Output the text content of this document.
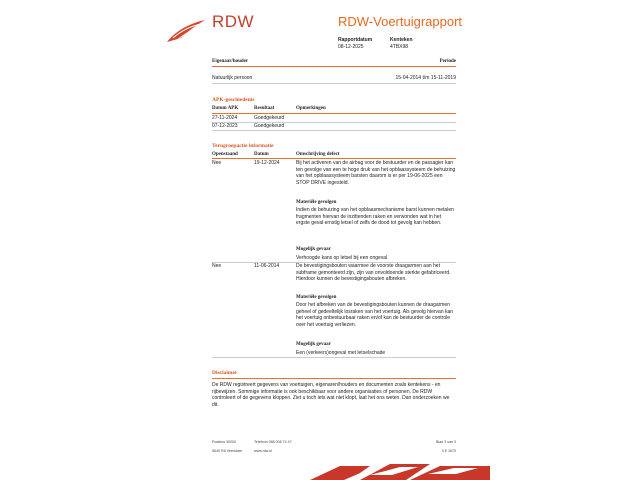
RDW	RDW-Voertuigrapport
Rapportdatum
08-12-2025
Kenteken
4TBX98
Eigenaar/houder	Periode
Natuurlijk persoon	15-04-2014 t/m 15-11-2019
APK-geschiedenis
Datum APK	Resultaat	Opmerkingen
27-11-2024	Goedgekeurd
07-12-2023	Goedgekeurd
Terugroepactie informatie
Openstaand	Datum	Omschrijving defect
Nee	19-12-2024	Bij het activeren van de airbag voor de bestuurder en de passagier kan ten gevolge van een te hoge druk van het opblaassysteem de behuizing van het opblaassysteem barsten daarom is er per 19-06-2025 een STOP DRIVE ingesteld.
Materiële gevolgen
Indien de behuizing van het opblaasmechanisme barst kunnen metalen fragmenten hiervan de inzittenden raken en verwonden wat in het ergste geval ernstig letsel of zelfs de dood tot gevolg kan hebben.
Mogelijk gevaar
Verhoogde kans op letsel bij een ongeval
Nee	11-06-2014	De bevestigingsbouten waarmee de voorste draagarmen aan het subframe gemonteerd zijn, zijn van onvoldoende sterkte gefabriceerd. Hierdoor kunnen de bevestigingsbouten afbreken.
Materiële gevolgen
Door het afbreken van de bevestigingsbouten kunnen de draagarmen geheel of gedeeltelijk losraken van het voertuig. Als gevolg hiervan kan het voertuig onbestuurbaar raken en/of kan de bestuurder de controle over het voertuig verliezen.
Mogelijk gevaar
Een (verkeers)ongeval met letselschade
Disclaimer
De RDW registreert gegevens van voertuigen, eigenaren/houders en documenten zoals kentekens - en rijbewijzen. Sommige informatie is ook beschikbaar voor andere organisaties of personen. De RDW controleert of de gegevens kloppen. Ziet u toch iets wat niet klopt, laat het ons weten. Dan onderzoeken we dit.
Postbus 30000
9640 RA Veendam
Telefoon 088 008 74 47
www.rdw.nl
Blad 3 van 3
3 E 1670
